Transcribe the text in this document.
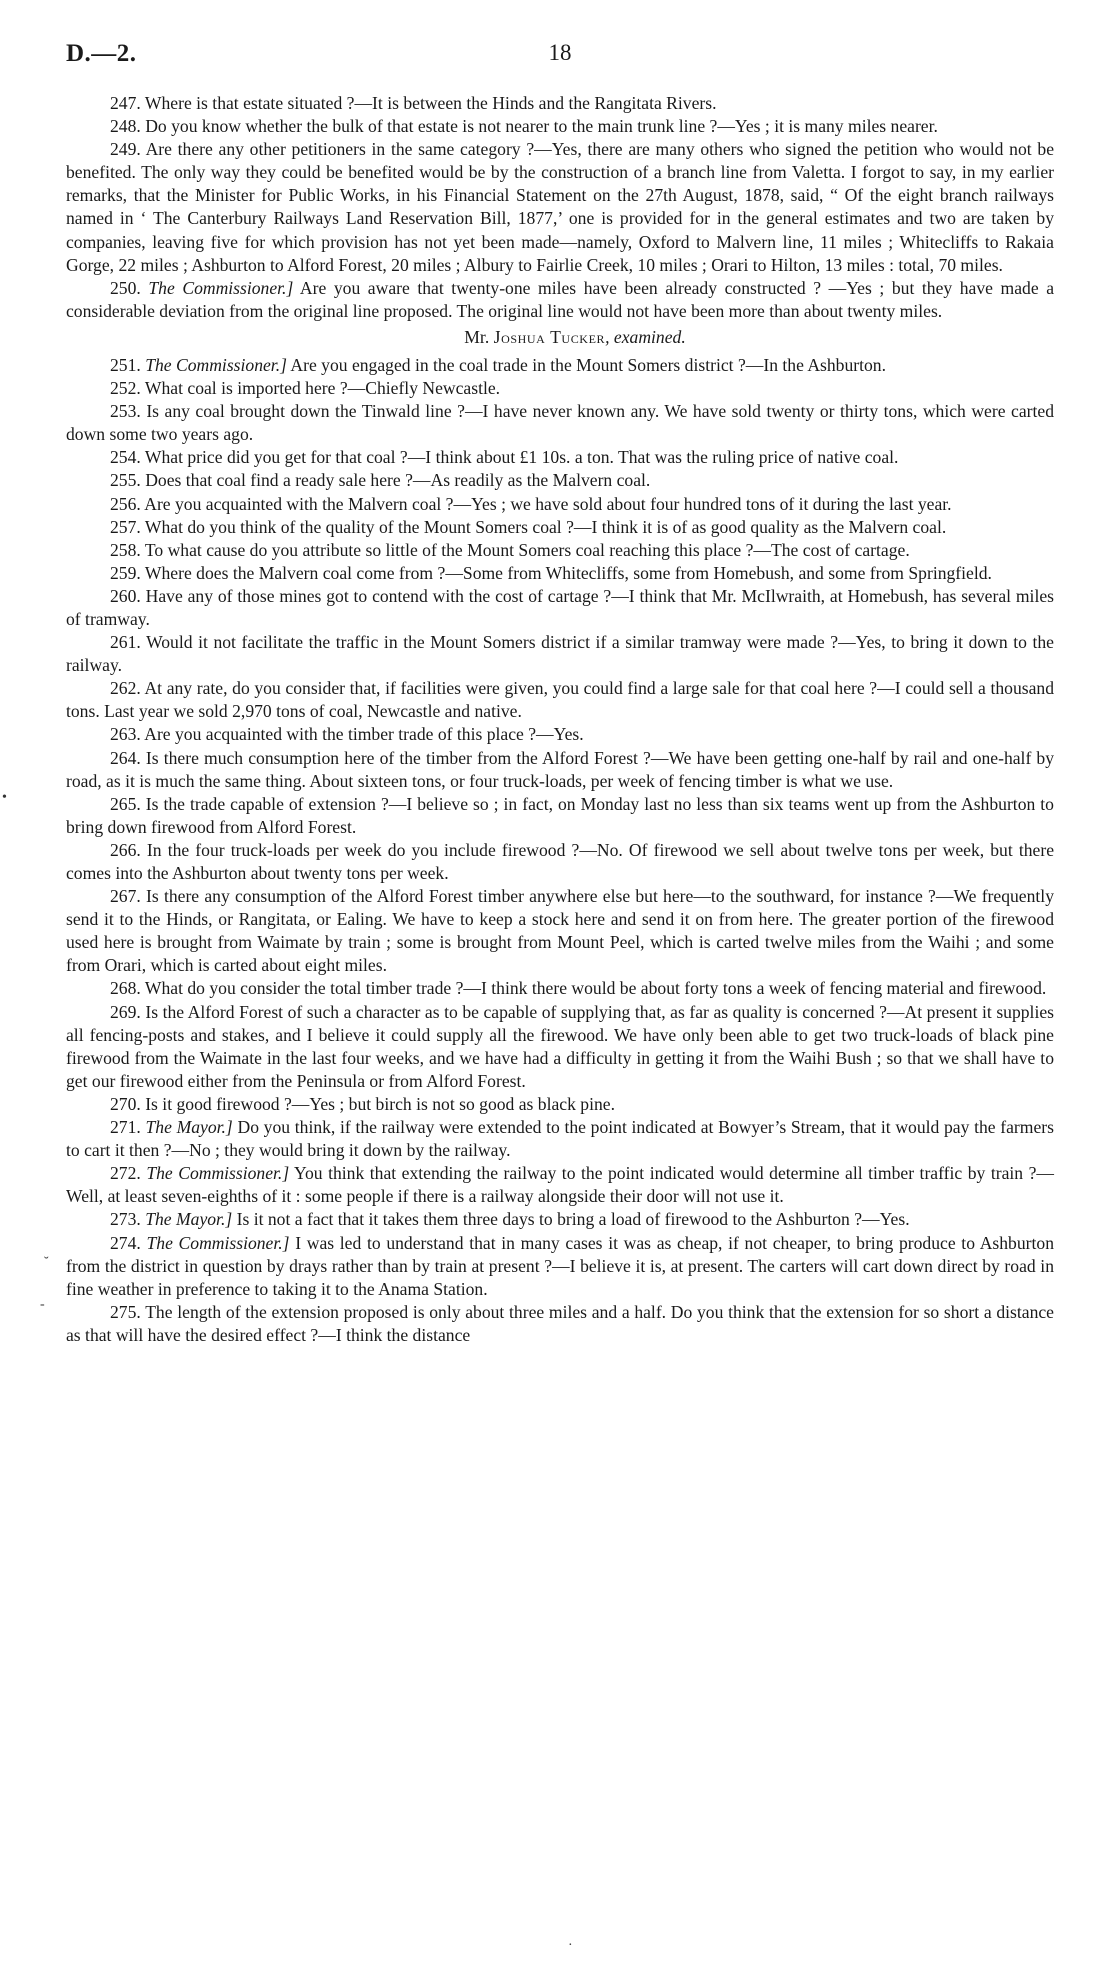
D.—2.	18

247. Where is that estate situated ?—It is between the Hinds and the Rangitata Rivers.

248. Do you know whether the bulk of that estate is not nearer to the main trunk line ?—Yes ; it is many miles nearer.

249. Are there any other petitioners in the same category ?—Yes, there are many others who signed the petition who would not be benefited. The only way they could be benefited would be by the construction of a branch line from Valetta. I forgot to say, in my earlier remarks, that the Minister for Public Works, in his Financial Statement on the 27th August, 1878, said, “ Of the eight branch railways named in ‘ The Canterbury Railways Land Reservation Bill, 1877,’ one is provided for in the general estimates and two are taken by companies, leaving five for which provision has not yet been made—namely, Oxford to Malvern line, 11 miles ; Whitecliffs to Rakaia Gorge, 22 miles ; Ashburton to Alford Forest, 20 miles ; Albury to Fairlie Creek, 10 miles ; Orari to Hilton, 13 miles : total, 70 miles.

250. The Commissioner.] Are you aware that twenty-one miles have been already constructed ? —Yes ; but they have made a considerable deviation from the original line proposed. The original line would not have been more than about twenty miles.

Mr. Joshua Tucker, examined.

251. The Commissioner.] Are you engaged in the coal trade in the Mount Somers district ?—In the Ashburton.

252. What coal is imported here ?—Chiefly Newcastle.

253. Is any coal brought down the Tinwald line ?—I have never known any. We have sold twenty or thirty tons, which were carted down some two years ago.

254. What price did you get for that coal ?—I think about £1 10s. a ton. That was the ruling price of native coal.

255. Does that coal find a ready sale here ?—As readily as the Malvern coal.

256. Are you acquainted with the Malvern coal ?—Yes ; we have sold about four hundred tons of it during the last year.

257. What do you think of the quality of the Mount Somers coal ?—I think it is of as good quality as the Malvern coal.

258. To what cause do you attribute so little of the Mount Somers coal reaching this place ?—The cost of cartage.

259. Where does the Malvern coal come from ?—Some from Whitecliffs, some from Homebush, and some from Springfield.

260. Have any of those mines got to contend with the cost of cartage ?—I think that Mr. McIlwraith, at Homebush, has several miles of tramway.

261. Would it not facilitate the traffic in the Mount Somers district if a similar tramway were made ?—Yes, to bring it down to the railway.

262. At any rate, do you consider that, if facilities were given, you could find a large sale for that coal here ?—I could sell a thousand tons. Last year we sold 2,970 tons of coal, Newcastle and native.

263. Are you acquainted with the timber trade of this place ?—Yes.

264. Is there much consumption here of the timber from the Alford Forest ?—We have been getting one-half by rail and one-half by road, as it is much the same thing. About sixteen tons, or four truck-loads, per week of fencing timber is what we use.

265. Is the trade capable of extension ?—I believe so ; in fact, on Monday last no less than six teams went up from the Ashburton to bring down firewood from Alford Forest.

266. In the four truck-loads per week do you include firewood ?—No. Of firewood we sell about twelve tons per week, but there comes into the Ashburton about twenty tons per week.

267. Is there any consumption of the Alford Forest timber anywhere else but here—to the southward, for instance ?—We frequently send it to the Hinds, or Rangitata, or Ealing. We have to keep a stock here and send it on from here. The greater portion of the firewood used here is brought from Waimate by train ; some is brought from Mount Peel, which is carted twelve miles from the Waihi ; and some from Orari, which is carted about eight miles.

268. What do you consider the total timber trade ?—I think there would be about forty tons a week of fencing material and firewood.

269. Is the Alford Forest of such a character as to be capable of supplying that, as far as quality is concerned ?—At present it supplies all fencing-posts and stakes, and I believe it could supply all the firewood. We have only been able to get two truck-loads of black pine firewood from the Waimate in the last four weeks, and we have had a difficulty in getting it from the Waihi Bush ; so that we shall have to get our firewood either from the Peninsula or from Alford Forest.

270. Is it good firewood ?—Yes ; but birch is not so good as black pine.

271. The Mayor.] Do you think, if the railway were extended to the point indicated at Bowyer’s Stream, that it would pay the farmers to cart it then ?—No ; they would bring it down by the railway.

272. The Commissioner.] You think that extending the railway to the point indicated would determine all timber traffic by train ?—Well, at least seven-eighths of it : some people if there is a railway alongside their door will not use it.

273. The Mayor.] Is it not a fact that it takes them three days to bring a load of firewood to the Ashburton ?—Yes.

274. The Commissioner.] I was led to understand that in many cases it was as cheap, if not cheaper, to bring produce to Ashburton from the district in question by drays rather than by train at present ?—I believe it is, at present. The carters will cart down direct by road in fine weather in preference to taking it to the Anama Station.

275. The length of the extension proposed is only about three miles and a half. Do you think that the extension for so short a distance as that will have the desired effect ?—I think the distance

•
˘
-
·
